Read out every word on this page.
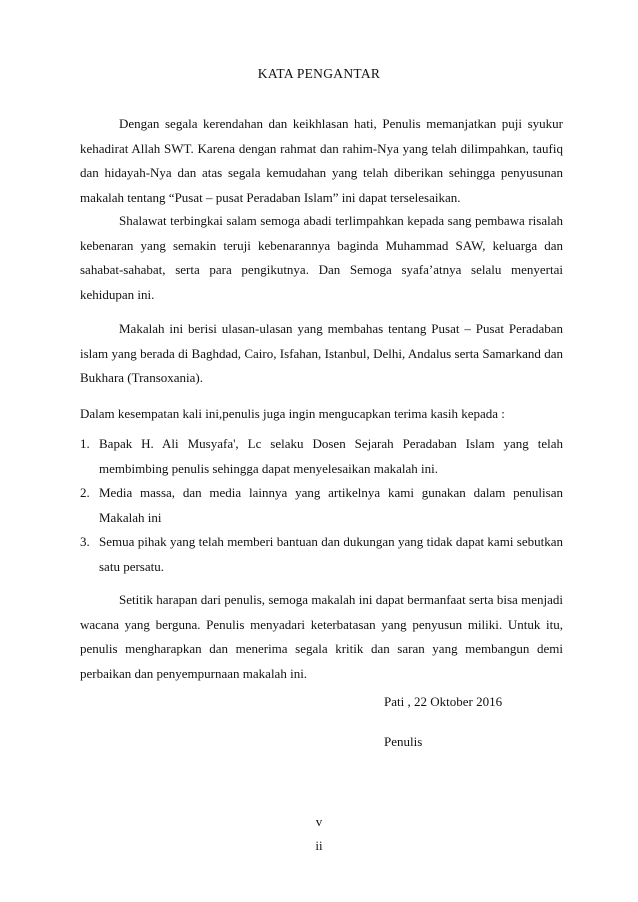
KATA PENGANTAR

Dengan segala kerendahan dan keikhlasan hati, Penulis memanjatkan puji syukur kehadirat Allah SWT. Karena dengan rahmat dan rahim-Nya yang telah dilimpahkan, taufiq dan hidayah-Nya dan atas segala kemudahan yang telah diberikan sehingga penyusunan makalah tentang “Pusat – pusat Peradaban Islam” ini dapat terselesaikan.

Shalawat terbingkai salam semoga abadi terlimpahkan kepada sang pembawa risalah kebenaran yang semakin teruji kebenarannya baginda Muhammad SAW, keluarga dan sahabat-sahabat, serta para pengikutnya. Dan Semoga syafa’atnya selalu menyertai kehidupan ini.

Makalah ini berisi ulasan-ulasan yang membahas tentang Pusat – Pusat Peradaban islam yang berada di Baghdad, Cairo, Isfahan, Istanbul, Delhi, Andalus serta Samarkand dan Bukhara (Transoxania).

Dalam kesempatan kali ini,penulis juga ingin mengucapkan terima kasih kepada :

1. Bapak H. Ali Musyafa', Lc selaku Dosen Sejarah Peradaban Islam yang telah membimbing penulis sehingga dapat menyelesaikan makalah ini.
2. Media massa, dan media lainnya yang artikelnya kami gunakan dalam penulisan Makalah ini
3. Semua pihak yang telah memberi bantuan dan dukungan yang tidak dapat kami sebutkan satu persatu.

Setitik harapan dari penulis, semoga makalah ini dapat bermanfaat serta bisa menjadi wacana yang berguna. Penulis menyadari keterbatasan yang penyusun miliki. Untuk itu, penulis mengharapkan dan menerima segala kritik dan saran yang membangun demi perbaikan dan penyempurnaan makalah ini.

Pati , 22 Oktober 2016
Penulis
v
ii
